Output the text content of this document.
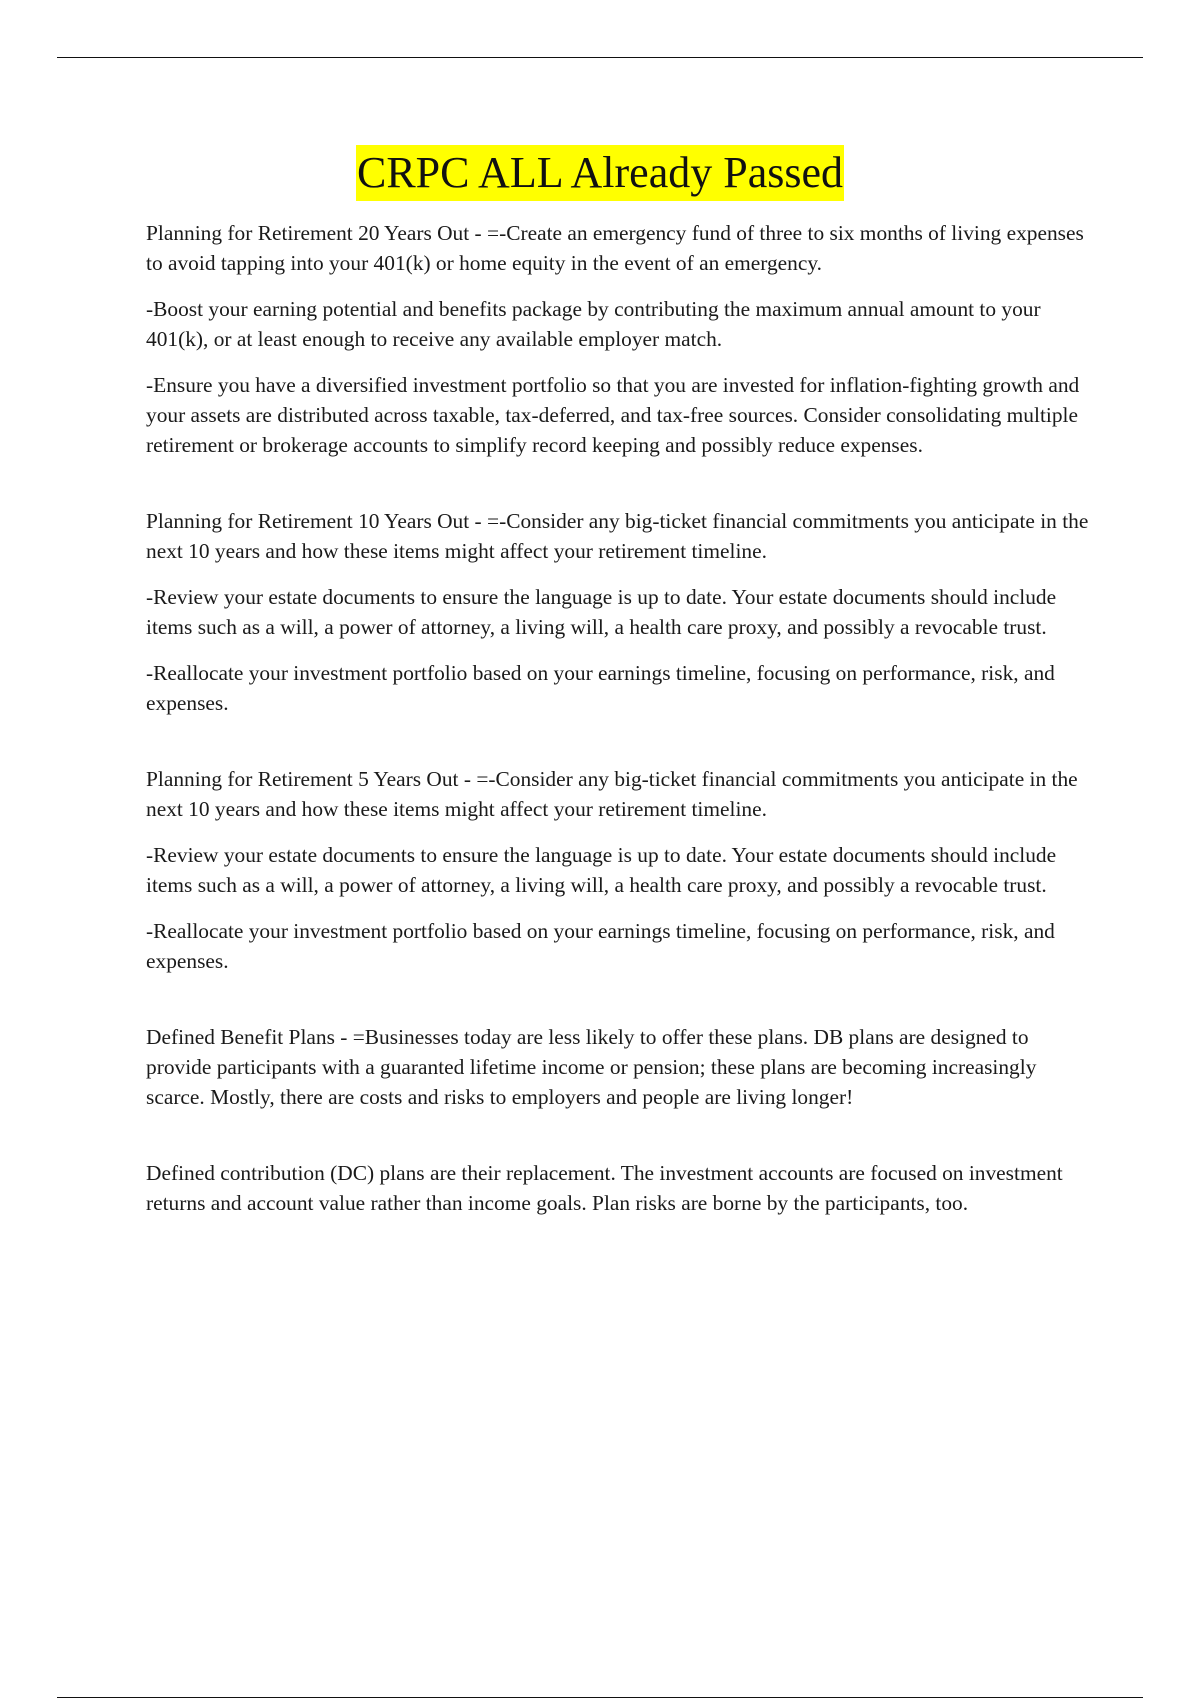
CRPC ALL Already Passed

Planning for Retirement 20 Years Out - =-Create an emergency fund of three to six months of living expenses to avoid tapping into your 401(k) or home equity in the event of an emergency.

-Boost your earning potential and benefits package by contributing the maximum annual amount to your 401(k), or at least enough to receive any available employer match.

-Ensure you have a diversified investment portfolio so that you are invested for inflation-fighting growth and your assets are distributed across taxable, tax-deferred, and tax-free sources. Consider consolidating multiple retirement or brokerage accounts to simplify record keeping and possibly reduce expenses.

Planning for Retirement 10 Years Out - =-Consider any big-ticket financial commitments you anticipate in the next 10 years and how these items might affect your retirement timeline.

-Review your estate documents to ensure the language is up to date. Your estate documents should include items such as a will, a power of attorney, a living will, a health care proxy, and possibly a revocable trust.

-Reallocate your investment portfolio based on your earnings timeline, focusing on performance, risk, and expenses.

Planning for Retirement 5 Years Out - =-Consider any big-ticket financial commitments you anticipate in the next 10 years and how these items might affect your retirement timeline.

-Review your estate documents to ensure the language is up to date. Your estate documents should include items such as a will, a power of attorney, a living will, a health care proxy, and possibly a revocable trust.

-Reallocate your investment portfolio based on your earnings timeline, focusing on performance, risk, and expenses.

Defined Benefit Plans - =Businesses today are less likely to offer these plans. DB plans are designed to provide participants with a guaranted lifetime income or pension; these plans are becoming increasingly scarce. Mostly, there are costs and risks to employers and people are living longer!

Defined contribution (DC) plans are their replacement. The investment accounts are focused on investment returns and account value rather than income goals. Plan risks are borne by the participants, too.
